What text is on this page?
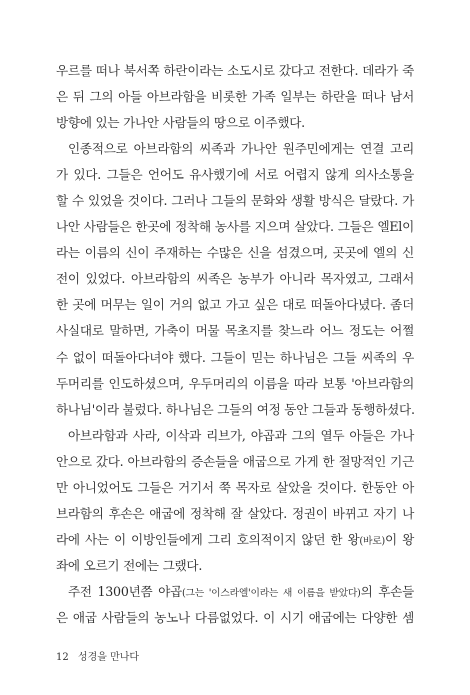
우르를 떠나 북서쪽 하란이라는 소도시로 갔다고 전한다. 데라가 죽
은 뒤 그의 아들 아브라함을 비롯한 가족 일부는 하란을 떠나 남서
방향에 있는 가나안 사람들의 땅으로 이주했다.
인종적으로 아브라함의 씨족과 가나안 원주민에게는 연결 고리
가 있다. 그들은 언어도 유사했기에 서로 어렵지 않게 의사소통을
할 수 있었을 것이다. 그러나 그들의 문화와 생활 방식은 달랐다. 가
나안 사람들은 한곳에 정착해 농사를 지으며 살았다. 그들은 엘El이
라는 이름의 신이 주재하는 수많은 신을 섬겼으며, 곳곳에 엘의 신
전이 있었다. 아브라함의 씨족은 농부가 아니라 목자였고, 그래서
한 곳에 머무는 일이 거의 없고 가고 싶은 대로 떠돌아다녔다. 좀더
사실대로 말하면, 가축이 머물 목초지를 찾느라 어느 정도는 어쩔
수 없이 떠돌아다녀야 했다. 그들이 믿는 하나님은 그들 씨족의 우
두머리를 인도하셨으며, 우두머리의 이름을 따라 보통 '아브라함의
하나님'이라 불렀다. 하나님은 그들의 여정 동안 그들과 동행하셨다.
아브라함과 사라, 이삭과 리브가, 야곱과 그의 열두 아들은 가나
안으로 갔다. 아브라함의 증손들을 애굽으로 가게 한 절망적인 기근
만 아니었어도 그들은 거기서 쭉 목자로 살았을 것이다. 한동안 아
브라함의 후손은 애굽에 정착해 잘 살았다. 정권이 바뀌고 자기 나
라에 사는 이 이방인들에게 그리 호의적이지 않던 한 왕(바로)이 왕
좌에 오르기 전에는 그랬다.
주전 1300년쯤 야곱(그는 '이스라엘'이라는 새 이름을 받았다)의 후손들
은 애굽 사람들의 농노나 다름없었다. 이 시기 애굽에는 다양한 셈
12 성경을 만나다
